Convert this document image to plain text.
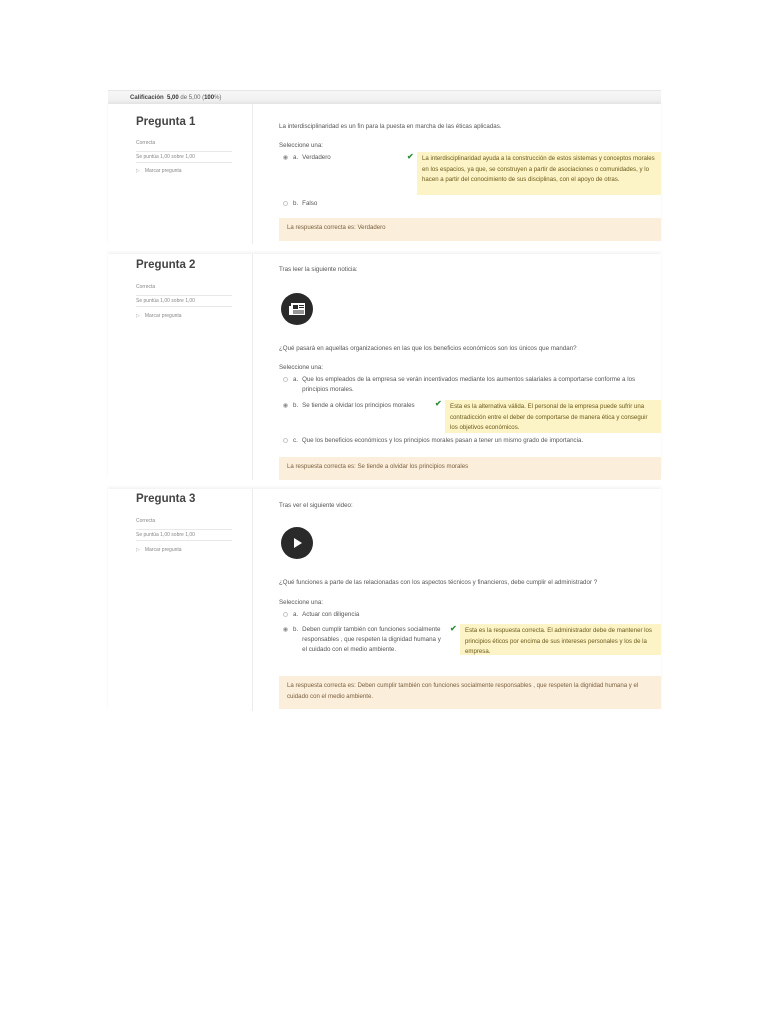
Calificación 5,00 de 5,00 (100%)
Pregunta 1
Correcta
Se puntúa 1,00 sobre 1,00
▷ Marcar pregunta
La interdisciplinaridad es un fin para la puesta en marcha de las éticas aplicadas.
Seleccione una:
a. Verdadero	✔	La interdisciplinaridad ayuda a la construcción de estos sistemas y conceptos morales en los espacios, ya que, se construyen a partir de asociaciones o comunidades, y lo hacen a partir del conocimiento de sus disciplinas, con el apoyo de otras.
b. Falso
La respuesta correcta es: Verdadero
Pregunta 2
Correcta
Se puntúa 1,00 sobre 1,00
▷ Marcar pregunta
Tras leer la siguiente noticia:
¿Qué pasará en aquellas organizaciones en las que los beneficios económicos son los únicos que mandan?
Seleccione una:
a. Que los empleados de la empresa se verán incentivados mediante los aumentos salariales a comportarse conforme a los principios morales.
b. Se tiende a olvidar los principios morales	✔	Esta es la alternativa válida. El personal de la empresa puede sufrir una contradicción entre el deber de comportarse de manera ética y conseguir los objetivos económicos.
c. Que los beneficios económicos y los principios morales pasan a tener un mismo grado de importancia.
La respuesta correcta es: Se tiende a olvidar los principios morales
Pregunta 3
Correcta
Se puntúa 1,00 sobre 1,00
▷ Marcar pregunta
Tras ver el siguiente video:
¿Qué funciones a parte de las relacionadas con los aspectos técnicos y financieros, debe cumplir el administrador ?
Seleccione una:
a. Actuar con diligencia
b. Deben cumplir también con funciones socialmente responsables , que respeten la dignidad humana y el cuidado con el medio ambiente.
✔	Esta es la respuesta correcta. El administrador debe de mantener los principios éticos por encima de sus intereses personales y los de la empresa.
La respuesta correcta es: Deben cumplir también con funciones socialmente responsables , que respeten la dignidad humana y el cuidado con el medio ambiente.
